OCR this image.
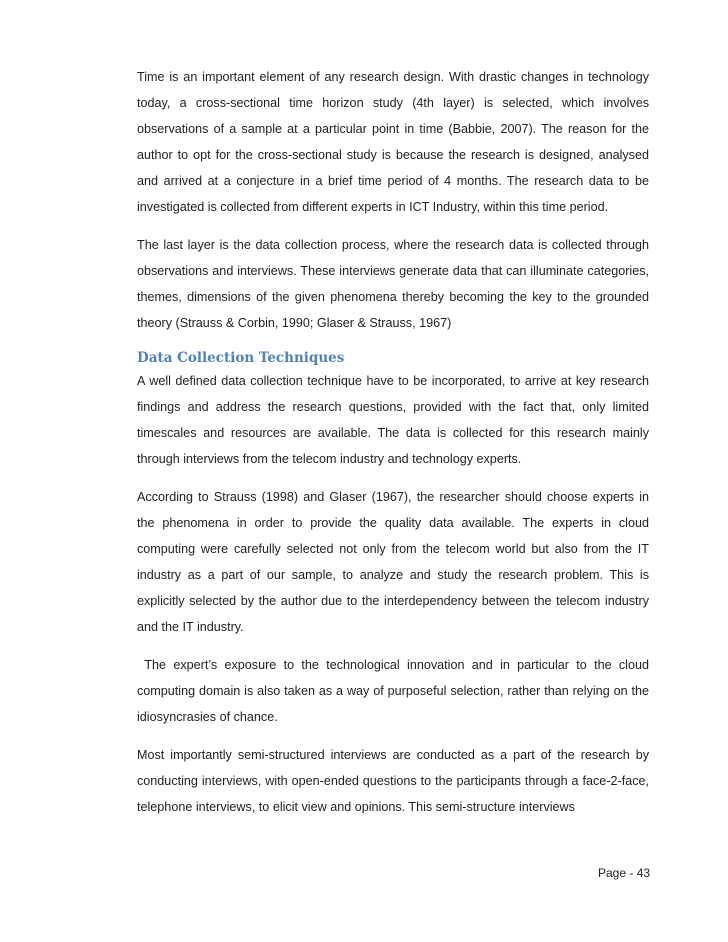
Time is an important element of any research design. With drastic changes in technology today, a cross-sectional time horizon study (4th layer) is selected, which involves observations of a sample at a particular point in time (Babbie, 2007). The reason for the author to opt for the cross-sectional study is because the research is designed, analysed and arrived at a conjecture in a brief time period of 4 months. The research data to be investigated is collected from different experts in ICT Industry, within this time period.

The last layer is the data collection process, where the research data is collected through observations and interviews. These interviews generate data that can illuminate categories, themes, dimensions of the given phenomena thereby becoming the key to the grounded theory (Strauss & Corbin, 1990; Glaser & Strauss, 1967)

Data Collection Techniques

A well defined data collection technique have to be incorporated, to arrive at key research findings and address the research questions, provided with the fact that, only limited timescales and resources are available. The data is collected for this research mainly through interviews from the telecom industry and technology experts.

According to Strauss (1998) and Glaser (1967), the researcher should choose experts in the phenomena in order to provide the quality data available. The experts in cloud computing were carefully selected not only from the telecom world but also from the IT industry as a part of our sample, to analyze and study the research problem. This is explicitly selected by the author due to the interdependency between the telecom industry and the IT industry.

The expert’s exposure to the technological innovation and in particular to the cloud computing domain is also taken as a way of purposeful selection, rather than relying on the idiosyncrasies of chance.

Most importantly semi-structured interviews are conducted as a part of the research by conducting interviews, with open-ended questions to the participants through a face-2-face, telephone interviews, to elicit view and opinions. This semi-structure interviews

Page - 43
